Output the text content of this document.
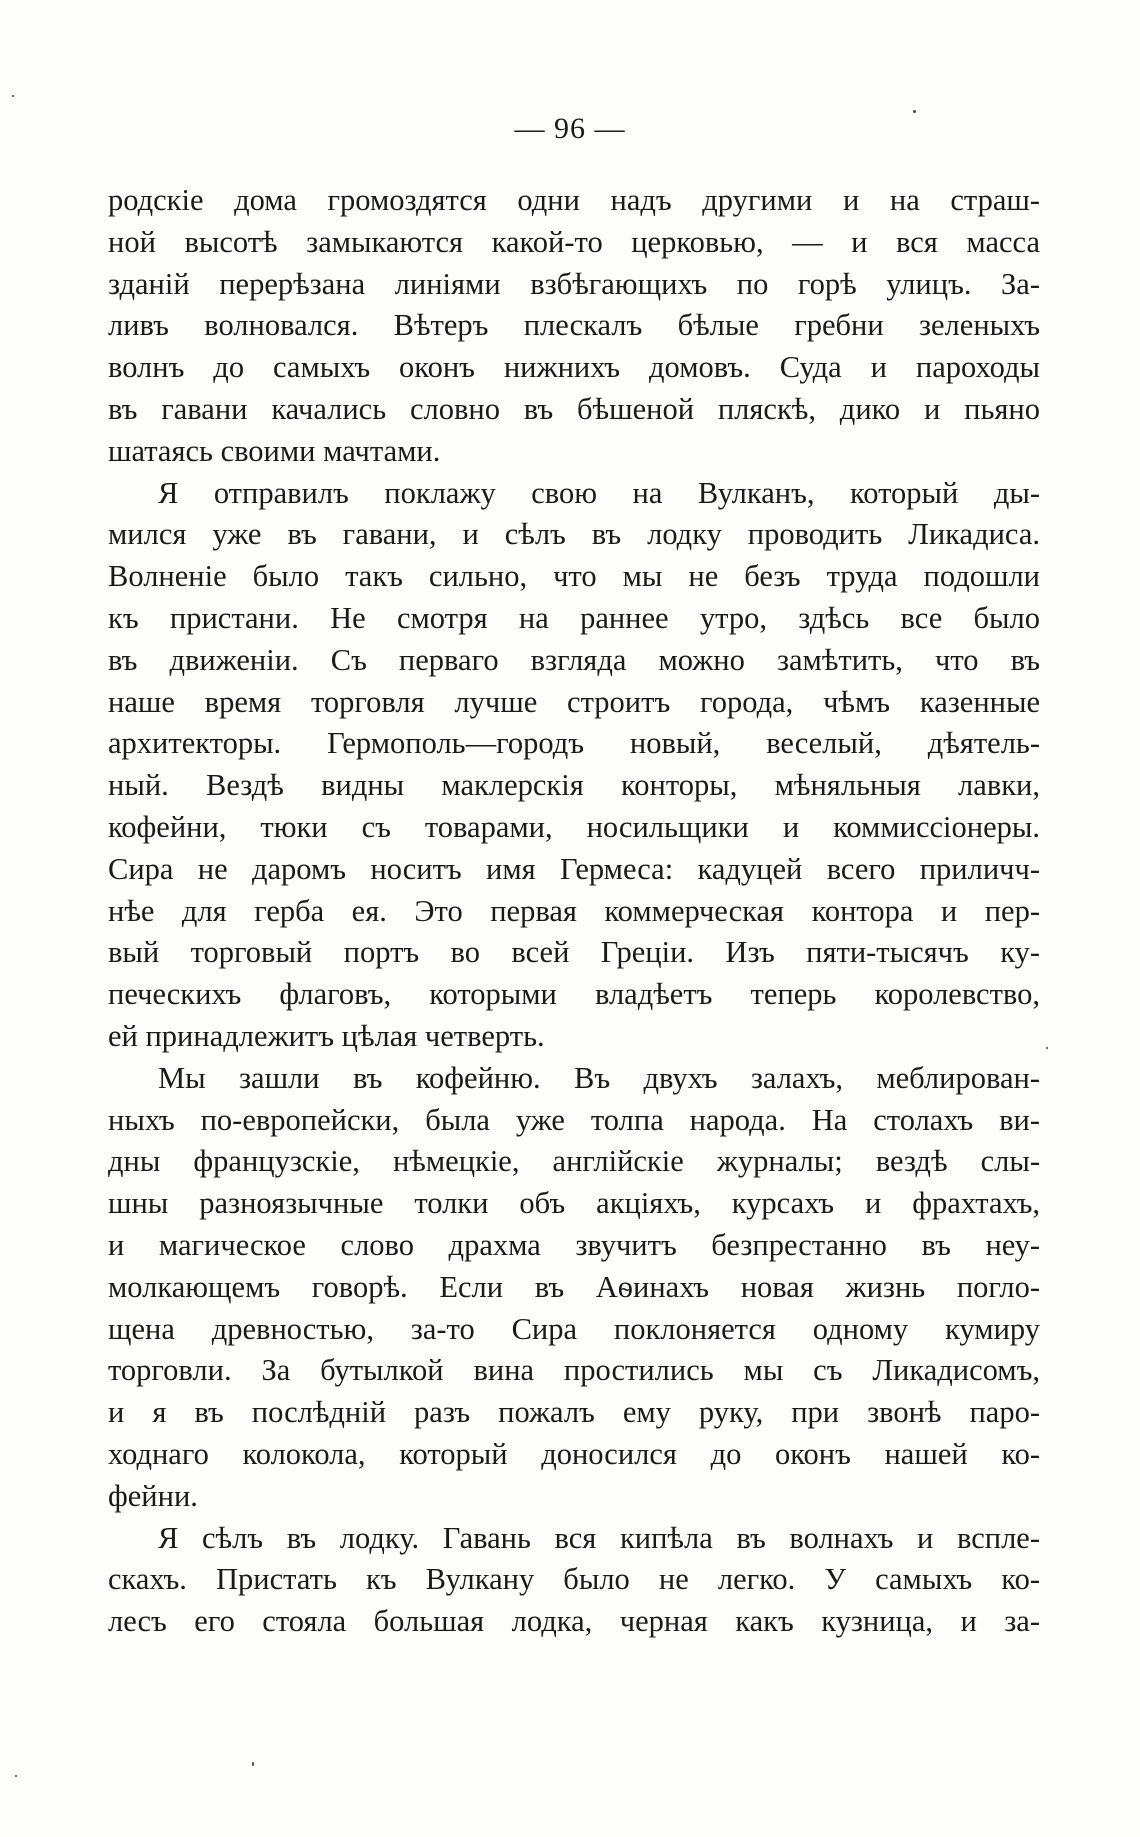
— 96 —
родскіе дома громоздятся одни надъ другими и на страш-
ной высотѣ замыкаются какой-то церковью, — и вся масса
зданій перерѣзана линіями взбѣгающихъ по горѣ улицъ. За-
ливъ волновался. Вѣтеръ плескалъ бѣлые гребни зеленыхъ
волнъ до самыхъ оконъ нижнихъ домовъ. Суда и пароходы
въ гавани качались словно въ бѣшеной пляскѣ, дико и пьяно
шатаясь своими мачтами.
Я отправилъ поклажу свою на Вулканъ, который ды-
мился уже въ гавани, и сѣлъ въ лодку проводить Ликадиса.
Волненіе было такъ сильно, что мы не безъ труда подошли
къ пристани. Не смотря на раннее утро, здѣсь все было
въ движеніи. Съ перваго взгляда можно замѣтить, что въ
наше время торговля лучше строитъ города, чѣмъ казенные
архитекторы. Гермополь—городъ новый, веселый, дѣятель-
ный. Вездѣ видны маклерскія конторы, мѣняльныя лавки,
кофейни, тюки съ товарами, носильщики и коммиссіонеры.
Сира не даромъ носитъ имя Гермеса: кадуцей всего приличч-
нѣе для герба ея. Это первая коммерческая контора и пер-
вый торговый портъ во всей Греціи. Изъ пяти-тысячъ ку-
печескихъ флаговъ, которыми владѣетъ теперь королевство,
ей принадлежитъ цѣлая четверть.
Мы зашли въ кофейню. Въ двухъ залахъ, меблирован-
ныхъ по-европейски, была уже толпа народа. На столахъ ви-
дны французскіе, нѣмецкіе, англійскіе журналы; вездѣ слы-
шны разноязычные толки объ акціяхъ, курсахъ и фрахтахъ,
и магическое слово драхма звучитъ безпрестанно въ неу-
молкающемъ говорѣ. Если въ Аѳинахъ новая жизнь погло-
щена древностью, за-то Сира поклоняется одному кумиру
торговли. За бутылкой вина простились мы съ Ликадисомъ,
и я въ послѣдній разъ пожалъ ему руку, при звонѣ паро-
ходнаго колокола, который доносился до оконъ нашей ко-
фейни.
Я сѣлъ въ лодку. Гавань вся кипѣла въ волнахъ и всплe-
скахъ. Пристать къ Вулкану было не легко. У самыхъ ко-
лесъ его стояла большая лодка, черная какъ кузница, и за-
